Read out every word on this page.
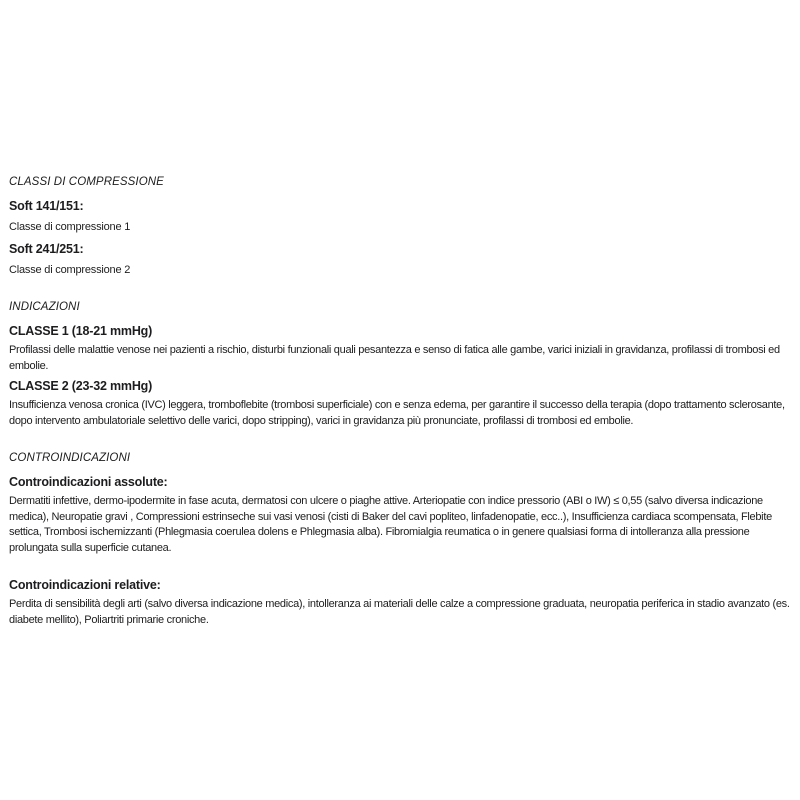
CLASSI DI COMPRESSIONE

Soft 141/151:

Classe di compressione 1

Soft 241/251:

Classe di compressione 2

INDICAZIONI
CLASSE 1 (18-21 mmHg)

Profilassi delle malattie venose nei pazienti a rischio, disturbi funzionali quali pesantezza e senso di fatica alle gambe, varici iniziali in gravidanza, profilassi di trombosi ed embolie.

CLASSE 2 (23-32 mmHg)

Insufficienza venosa cronica (IVC) leggera, tromboflebite (trombosi superficiale) con e senza edema, per garantire il successo della terapia (dopo trattamento sclerosante, dopo intervento ambulatoriale selettivo delle varici, dopo stripping), varici in gravidanza più pronunciate, profilassi di trombosi ed embolie.

CONTROINDICAZIONI
Controindicazioni assolute:

Dermatiti infettive, dermo-ipodermite in fase acuta, dermatosi con ulcere o piaghe attive. Arteriopatie con indice pressorio (ABI o IW) ≤ 0,55 (salvo diversa indicazione medica), Neuropatie gravi , Compressioni estrinseche sui vasi venosi (cisti di Baker del cavi popliteo, linfadenopatie, ecc..), Insufficienza cardiaca scompensata, Flebite settica, Trombosi ischemizzanti (Phlegmasia coerulea dolens e Phlegmasia alba). Fibromialgia reumatica o in genere qualsiasi forma di intolleranza alla pressione prolungata sulla superficie cutanea.

Controindicazioni relative:

Perdita di sensibilità degli arti (salvo diversa indicazione medica), intolleranza ai materiali delle calze a compressione graduata, neuropatia periferica in stadio avanzato (es. diabete mellito), Poliartriti primarie croniche.
